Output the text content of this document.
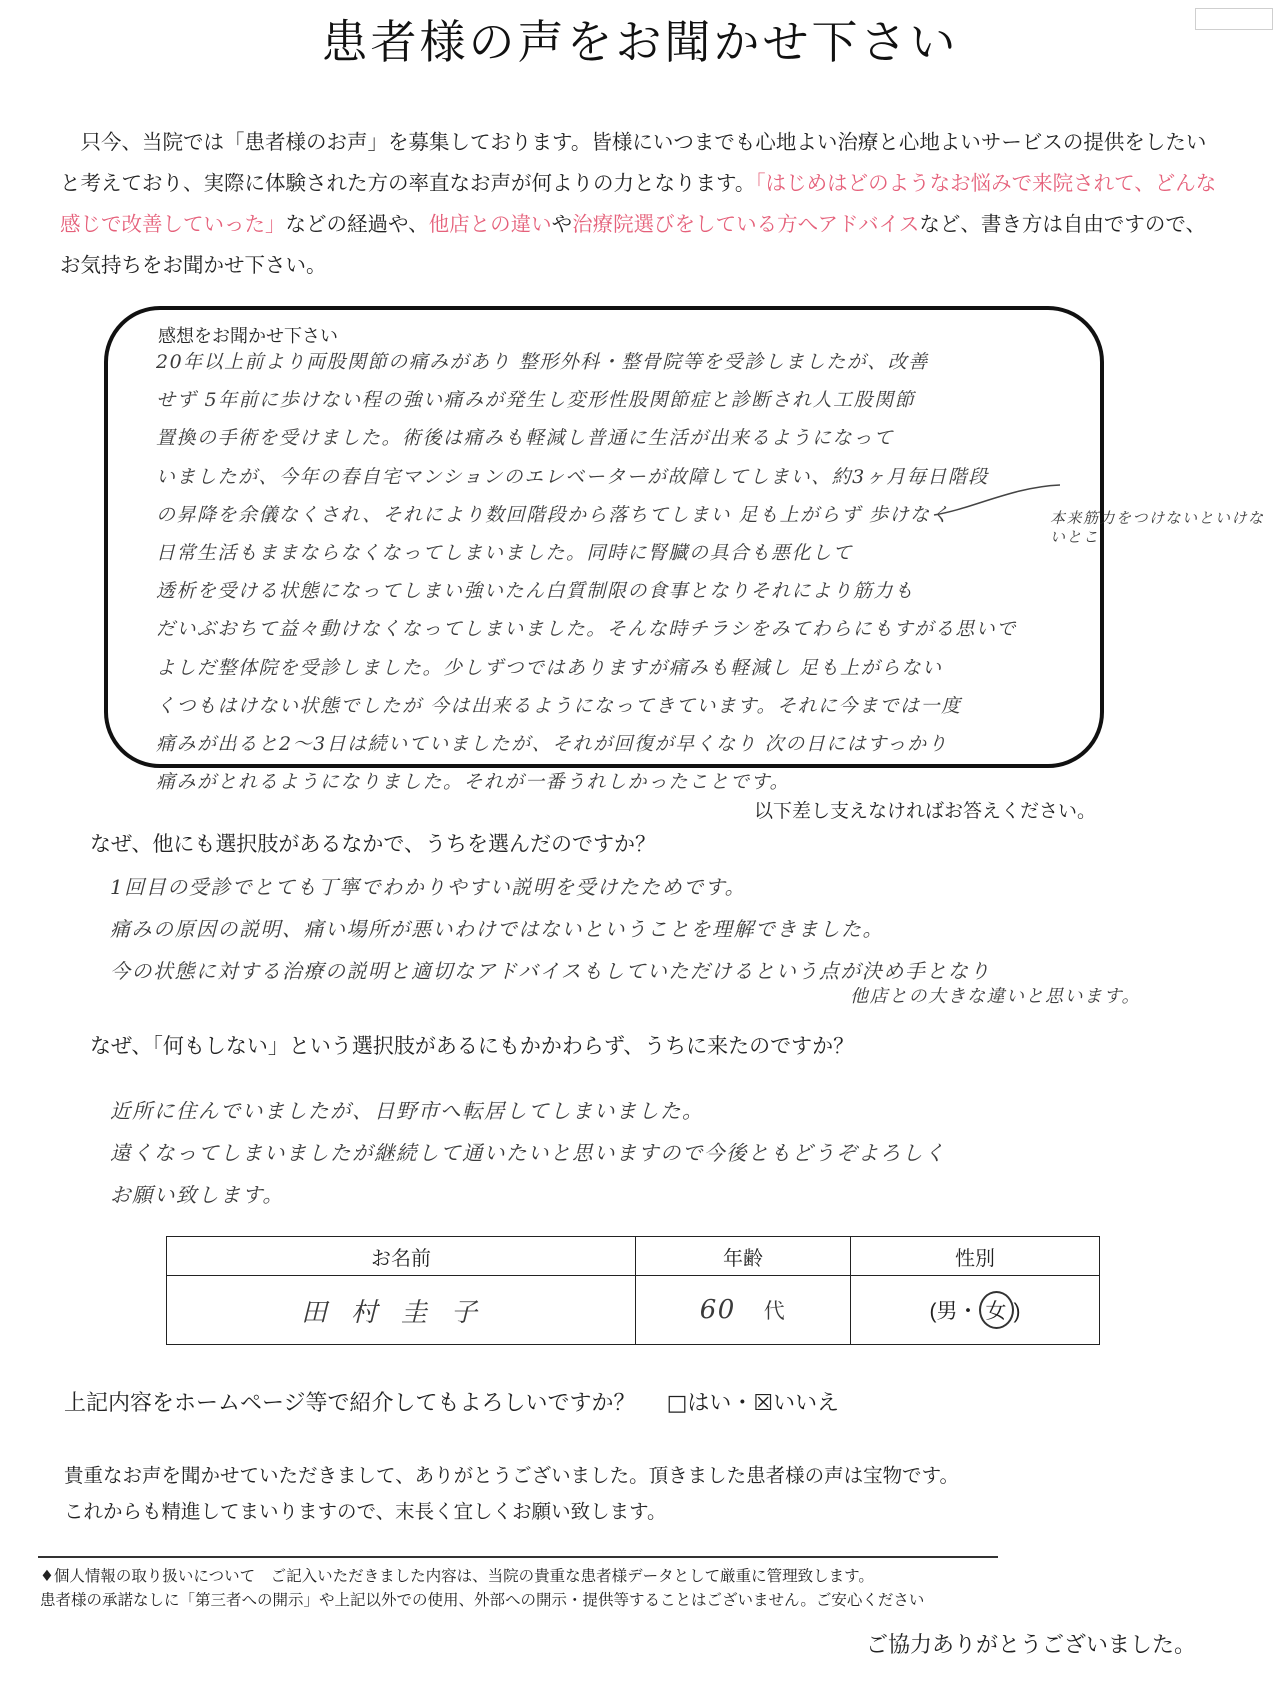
患者様の声をお聞かせ下さい

只今、当院では「患者様のお声」を募集しております。皆様にいつまでも心地よい治療と心地よいサービスの提供をしたいと考えており、実際に体験された方の率直なお声が何よりの力となります。「はじめはどのようなお悩みで来院されて、どんな感じで改善していった」などの経過や、他店との違いや治療院選びをしている方へアドバイスなど、書き方は自由ですので、お気持ちをお聞かせ下さい。

感想をお聞かせ下さい
20年以上前より両股関節の痛みがあり 整形外科・整骨院等を受診しましたが、改善
せず 5年前に歩けない程の強い痛みが発生し変形性股関節症と診断され人工股関節
置換の手術を受けました。術後は痛みも軽減し普通に生活が出来るようになって
いましたが、今年の春自宅マンションのエレベーターが故障してしまい、約3ヶ月毎日階段
の昇降を余儀なくされ、それにより数回階段から落ちてしまい 足も上がらず 歩けなく
日常生活もままならなくなってしまいました。同時に腎臓の具合も悪化して
透析を受ける状態になってしまい強いたん白質制限の食事となりそれにより筋力も
だいぶおちて益々動けなくなってしまいました。そんな時チラシをみてわらにもすがる思いで
よしだ整体院を受診しました。少しずつではありますが痛みも軽減し 足も上がらない
くつもはけない状態でしたが 今は出来るようになってきています。それに今までは一度
痛みが出ると2〜3日は続いていましたが、それが回復が早くなり 次の日にはすっかり
痛みがとれるようになりました。それが一番うれしかったことです。
本来筋力をつけないといけないとこ
以下差し支えなければお答えください。
なぜ、他にも選択肢があるなかで、うちを選んだのですか？
1回目の受診でとても丁寧でわかりやすい説明を受けたためです。
痛みの原因の説明、痛い場所が悪いわけではないということを理解できました。
今の状態に対する治療の説明と適切なアドバイスもしていただけるという点が決め手となり
他店との大きな違いと思います。
なぜ、「何もしない」という選択肢があるにもかかわらず、うちに来たのですか？
近所に住んでいましたが、日野市へ転居してしまいました。
遠くなってしまいましたが継続して通いたいと思いますので今後ともどうぞよろしく
お願い致します。
お名前	年齢	性別
田村圭子	60 代	(男・ 女 )
上記内容をホームページ等で紹介してもよろしいですか？ □はい・☒いいえ
貴重なお声を聞かせていただきまして、ありがとうございました。頂きました患者様の声は宝物です。
これからも精進してまいりますので、末長く宜しくお願い致します。
♦個人情報の取り扱いについて　ご記入いただきました内容は、当院の貴重な患者様データとして厳重に管理致します。
患者様の承諾なしに「第三者への開示」や上記以外での使用、外部への開示・提供等することはございません。ご安心ください
ご協力ありがとうございました。
